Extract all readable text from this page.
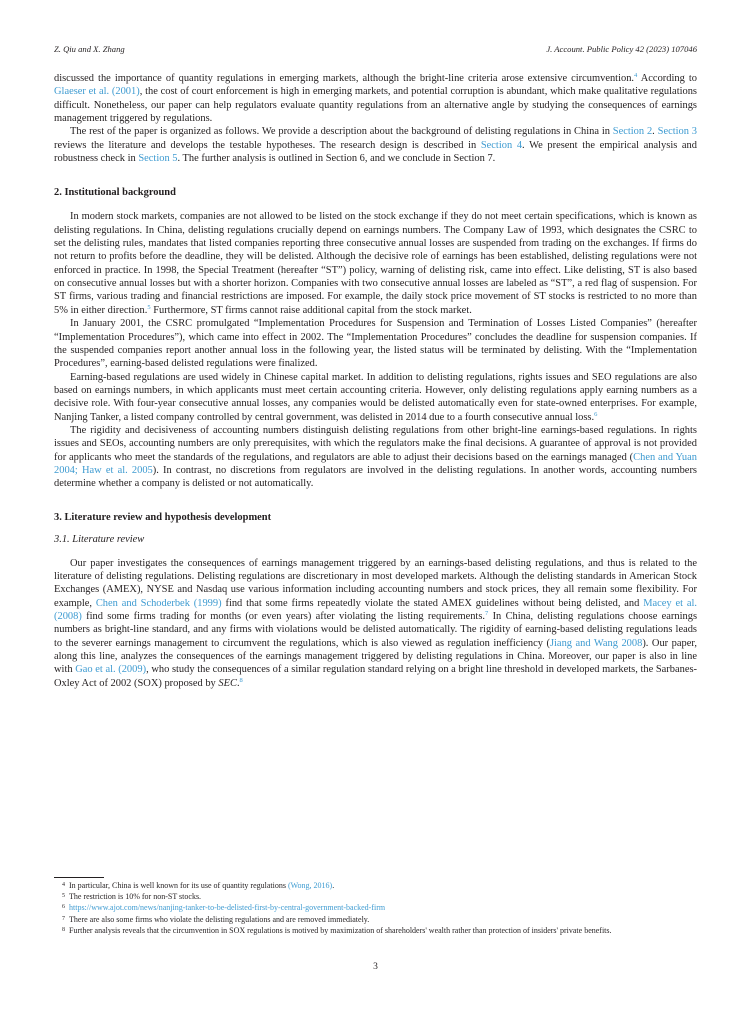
Z. Qiu and X. Zhang	J. Account. Public Policy 42 (2023) 107046

discussed the importance of quantity regulations in emerging markets, although the bright-line criteria arose extensive circumvention.$^4$ According to Glaeser et al. (2001), the cost of court enforcement is high in emerging markets, and potential corruption is abundant, which make qualitative regulations difficult. Nonetheless, our paper can help regulators evaluate quantity regulations from an alternative angle by studying the consequences of earnings management triggered by regulations.

The rest of the paper is organized as follows. We provide a description about the background of delisting regulations in China in Section 2. Section 3 reviews the literature and develops the testable hypotheses. The research design is described in Section 4. We present the empirical analysis and robustness check in Section 5. The further analysis is outlined in Section 6, and we conclude in Section 7.

2. Institutional background

In modern stock markets, companies are not allowed to be listed on the stock exchange if they do not meet certain specifications, which is known as delisting regulations. In China, delisting regulations crucially depend on earnings numbers. The Company Law of 1993, which designates the CSRC to set the delisting rules, mandates that listed companies reporting three consecutive annual losses are suspended from trading on the exchanges. If firms do not return to profits before the deadline, they will be delisted. Although the decisive role of earnings has been established, delisting regulations were not enforced in practice. In 1998, the Special Treatment (hereafter “ST”) policy, warning of delisting risk, came into effect. Like delisting, ST is also based on consecutive annual losses but with a shorter horizon. Companies with two consecutive annual losses are labeled as “ST”, a red flag of suspension. For ST firms, various trading and financial restrictions are imposed. For example, the daily stock price movement of ST stocks is restricted to no more than 5% in either direction.$^5$ Furthermore, ST firms cannot raise additional capital from the stock market.

In January 2001, the CSRC promulgated “Implementation Procedures for Suspension and Termination of Losses Listed Companies” (hereafter “Implementation Procedures”), which came into effect in 2002. The “Implementation Procedures” concludes the deadline for suspension companies. If the suspended companies report another annual loss in the following year, the listed status will be terminated by delisting. With the “Implementation Procedures”, earning-based delisted regulations were finalized.

Earning-based regulations are used widely in Chinese capital market. In addition to delisting regulations, rights issues and SEO regulations are also based on earnings numbers, in which applicants must meet certain accounting criteria. However, only delisting regulations apply earning numbers as a decisive role. With four-year consecutive annual losses, any companies would be delisted automatically even for state-owned enterprises. For example, Nanjing Tanker, a listed company controlled by central government, was delisted in 2014 due to a fourth consecutive annual loss.$^6$

The rigidity and decisiveness of accounting numbers distinguish delisting regulations from other bright-line earnings-based regulations. In rights issues and SEOs, accounting numbers are only prerequisites, with which the regulators make the final decisions. A guarantee of approval is not provided for applicants who meet the standards of the regulations, and regulators are able to adjust their decisions based on the earnings managed (Chen and Yuan 2004; Haw et al. 2005). In contrast, no discretions from regulators are involved in the delisting regulations. In another words, accounting numbers determine whether a company is delisted or not automatically.

3. Literature review and hypothesis development

3.1. Literature review

Our paper investigates the consequences of earnings management triggered by an earnings-based delisting regulations, and thus is related to the literature of delisting regulations. Delisting regulations are discretionary in most developed markets. Although the delisting standards in American Stock Exchanges (AMEX), NYSE and Nasdaq use various information including accounting numbers and stock prices, they all remain some flexibility. For example, Chen and Schoderbek (1999) find that some firms repeatedly violate the stated AMEX guidelines without being delisted, and Macey et al. (2008) find some firms trading for months (or even years) after violating the listing requirements.$^7$ In China, delisting regulations choose earnings numbers as bright-line standard, and any firms with violations would be delisted automatically. The rigidity of earning-based delisting regulations leads to the severer earnings management to circumvent the regulations, which is also viewed as regulation inefficiency (Jiang and Wang 2008). Our paper, along this line, analyzes the consequences of the earnings management triggered by delisting regulations in China. Moreover, our paper is also in line with Gao et al. (2009), who study the consequences of a similar regulation standard relying on a bright line threshold in developed markets, the Sarbanes-Oxley Act of 2002 (SOX) proposed by SEC.$^8$

$^4$ In particular, China is well known for its use of quantity regulations (Wong, 2016).

$^5$ The restriction is 10% for non-ST stocks.

$^6$ https://www.ajot.com/news/nanjing-tanker-to-be-delisted-first-by-central-government-backed-firm

$^7$ There are also some firms who violate the delisting regulations and are removed immediately.

$^8$ Further analysis reveals that the circumvention in SOX regulations is motived by maximization of shareholders' wealth rather than protection of insiders' private benefits.

3
